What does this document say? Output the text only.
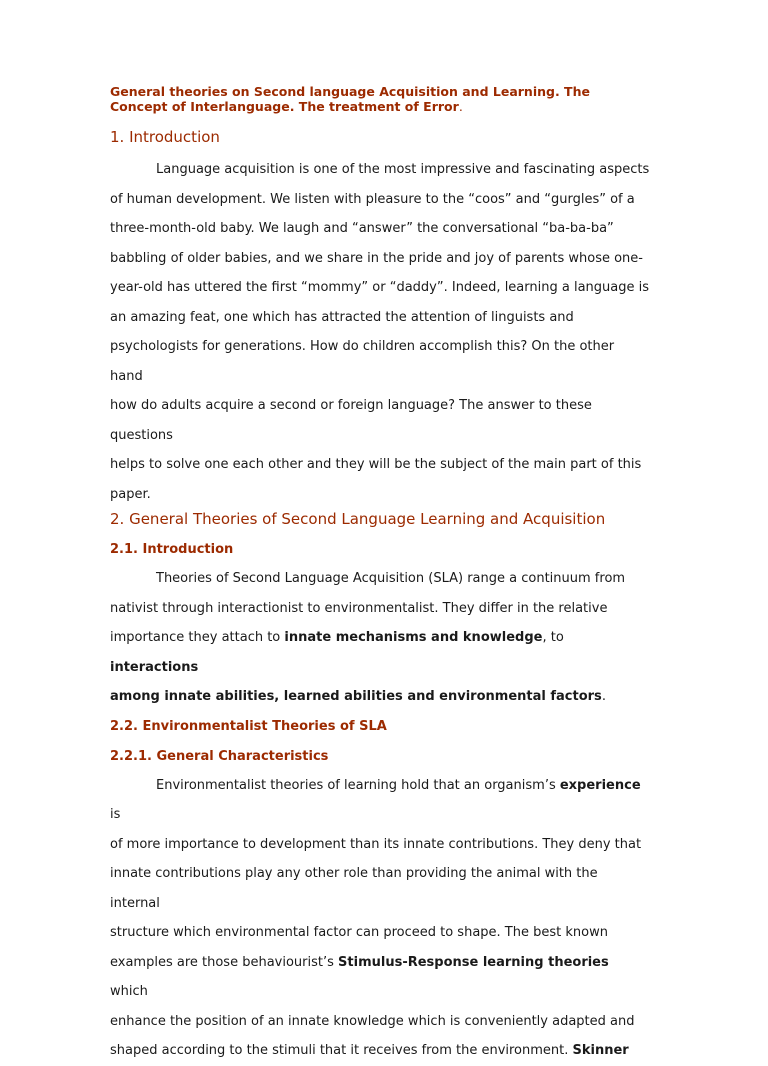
General theories on Second language Acquisition and Learning. The
Concept of Interlanguage. The treatment of Error.

1. Introduction

Language acquisition is one of the most impressive and fascinating aspects
of human development. We listen with pleasure to the “coos” and “gurgles” of a
three-month-old baby. We laugh and “answer” the conversational “ba-ba-ba”
babbling of older babies, and we share in the pride and joy of parents whose one-
year-old has uttered the first “mommy” or “daddy”. Indeed, learning a language is
an amazing feat, one which has attracted the attention of linguists and
psychologists for generations. How do children accomplish this? On the other hand
how do adults acquire a second or foreign language? The answer to these questions
helps to solve one each other and they will be the subject of the main part of this
paper.

2. General Theories of Second Language Learning and Acquisition
2.1. Introduction

Theories of Second Language Acquisition (SLA) range a continuum from
nativist through interactionist to environmentalist. They differ in the relative
importance they attach to innate mechanisms and knowledge, to interactions
among innate abilities, learned abilities and environmental factors.

2.2. Environmentalist Theories of SLA
2.2.1. General Characteristics

Environmentalist theories of learning hold that an organism’s experience is
of more importance to development than its innate contributions. They deny that
innate contributions play any other role than providing the animal with the internal
structure which environmental factor can proceed to shape. The best known
examples are those behaviourist’s Stimulus-Response learning theories which
enhance the position of an innate knowledge which is conveniently adapted and
shaped according to the stimuli that it receives from the environment. Skinner
